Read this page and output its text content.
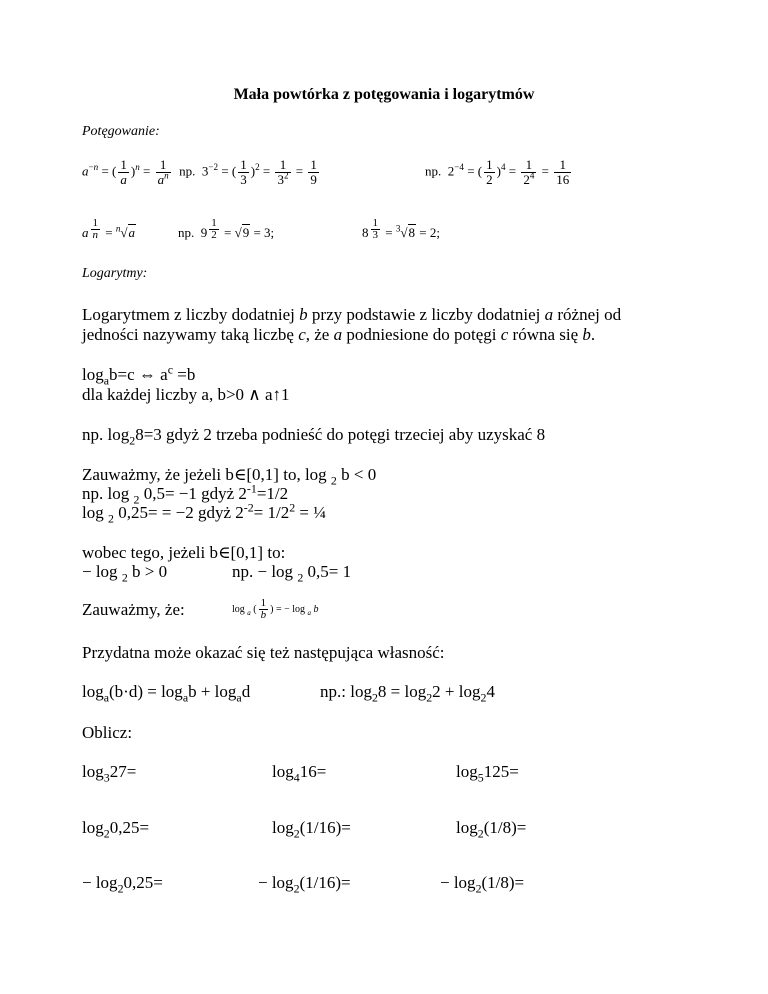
Mała powtórka z potęgowania i logarytmów
Potęgowanie:
$a^{-n}$ = ( $\frac{1}{a} )^n = \frac{1}{a^n}$ np.  $3^{-2}$ = ( $\frac{1}{3} )^2 = \frac{1}{3^2} = \frac{1}{9}$	np.  $2^{-4}$ = ( $\frac{1}{2} )^4 = \frac{1}{2^4} = \frac{1}{16}$
a $^{\frac{1}{n}}$ = $^n$√a	np.  9 $^{\frac{1}{2}}$ = √9 = 3;	8 $^{\frac{1}{3}}$ = $^3$√8 = 2;
Logarytmy:
Logarytmem z liczby dodatniej b przy podstawie z liczby dodatniej a różnej od
jedności nazywamy taką liczbę c, że a podniesione do potęgi c równa się b.
$\log_ab=c$ ⇔ $a^c =b$
dla każdej liczby a, b>0 ∧ a↑1
np. $\log_28=3$ gdyż 2 trzeba podnieść do potęgi trzeciej aby uzyskać 8
Zauważmy, że jeżeli b∈[0,1] to, log $_2$ b < 0
np. log $_2$ 0,5= −1 gdyż $2^{-1}=1/2$
log $_2$ 0,25= = −2 gdyż $2^{-2}= 1/2^2$ = ¼
wobec tego, jeżeli b∈[0,1] to:
− log $_2$ b > 0	np. − log $_2$ 0,5= 1
Zauważmy, że:	log $_a$ ( $\frac{1}{b}$ ) = − log $_a$ b
Przydatna może okazać się też następująca własność:
$\log_a(b\cdot d) = \log_ab + \log_ad$	np.: $\log_28 = \log_22 + \log_24$
Oblicz:
$\log_327=$	$\log_416=$	$\log_5125=$
$\log_20,25=$	$\log_2(1/16)=$	$\log_2(1/8)=$
− $\log_20,25=$	− $\log_2(1/16)=$	− $\log_2(1/8)=$
